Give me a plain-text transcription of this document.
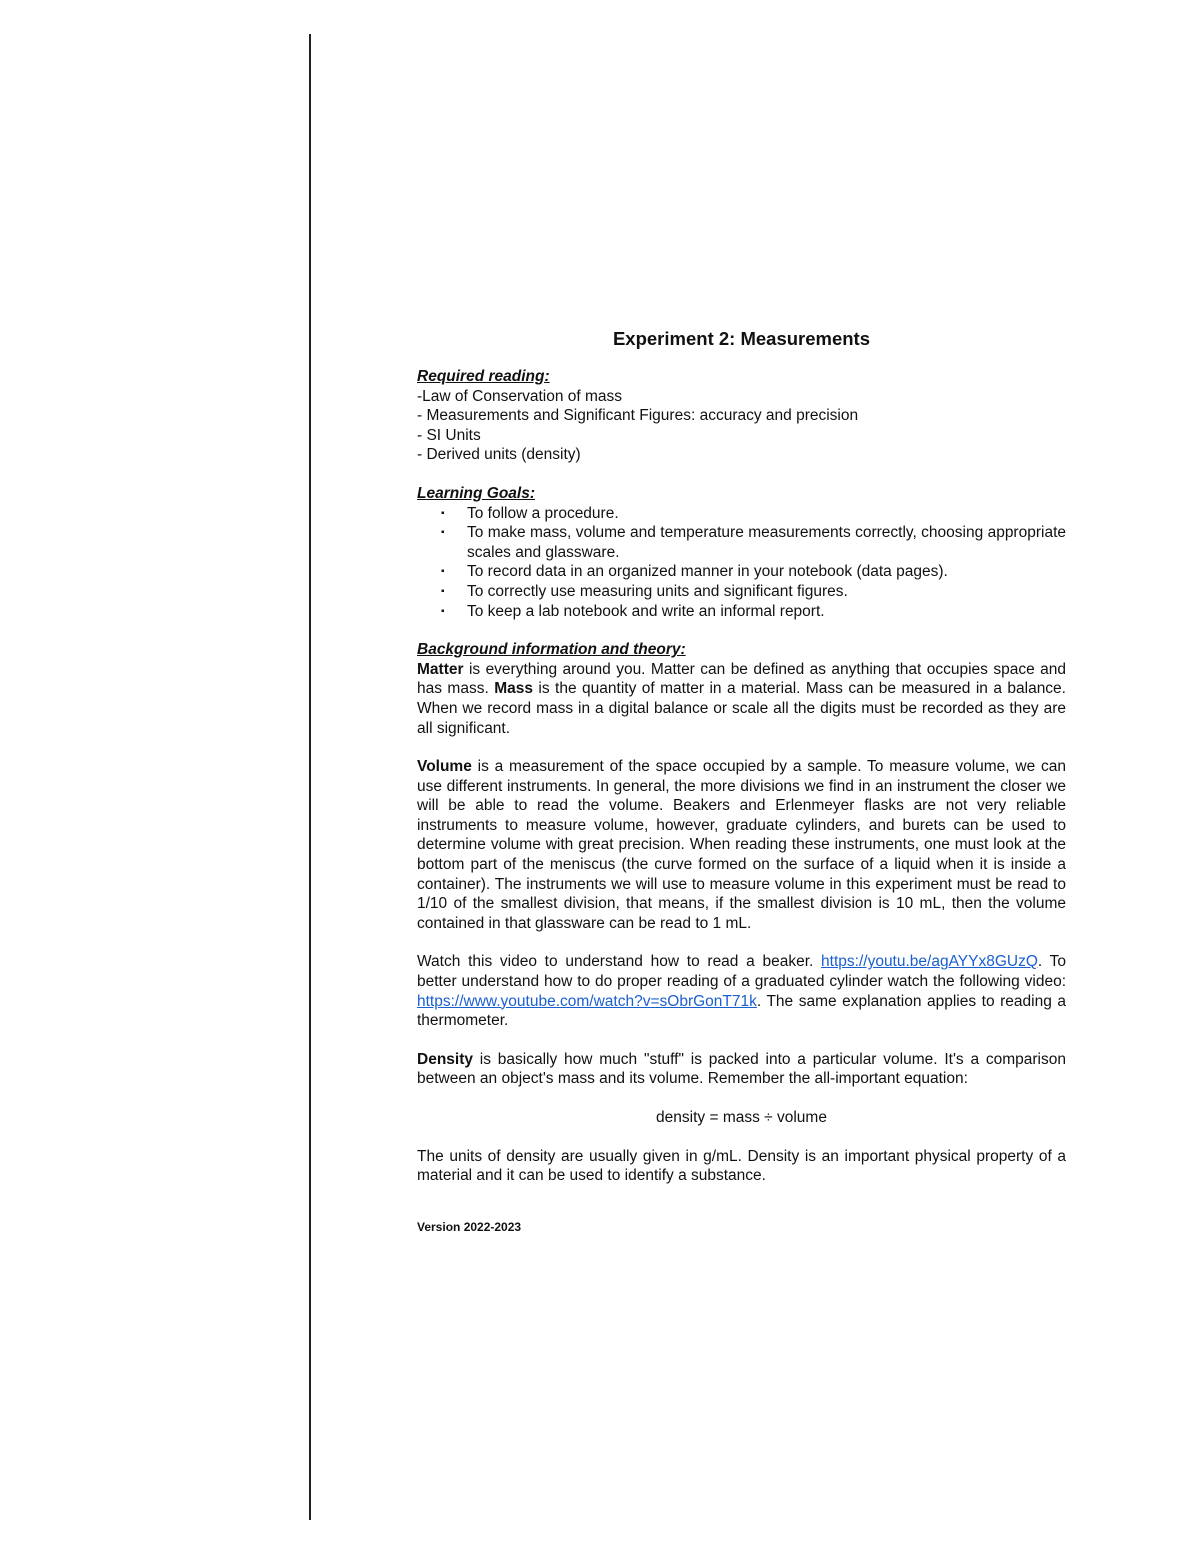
Experiment 2: Measurements

Required reading:

-Law of Conservation of mass

- Measurements and Significant Figures: accuracy and precision

- SI Units

- Derived units (density)

Learning Goals:

▪ To follow a procedure.
▪ To make mass, volume and temperature measurements correctly, choosing appropriate scales and glassware.
▪ To record data in an organized manner in your notebook (data pages).
▪ To correctly use measuring units and significant figures.
▪ To keep a lab notebook and write an informal report.

Background information and theory:

Matter is everything around you. Matter can be defined as anything that occupies space and has mass. Mass is the quantity of matter in a material. Mass can be measured in a balance. When we record mass in a digital balance or scale all the digits must be recorded as they are all significant.

Volume is a measurement of the space occupied by a sample. To measure volume, we can use different instruments. In general, the more divisions we find in an instrument the closer we will be able to read the volume. Beakers and Erlenmeyer flasks are not very reliable instruments to measure volume, however, graduate cylinders, and burets can be used to determine volume with great precision. When reading these instruments, one must look at the bottom part of the meniscus (the curve formed on the surface of a liquid when it is inside a container). The instruments we will use to measure volume in this experiment must be read to 1/10 of the smallest division, that means, if the smallest division is 10 mL, then the volume contained in that glassware can be read to 1 mL.

Watch this video to understand how to read a beaker. https://youtu.be/agAYYx8GUzQ. To better understand how to do proper reading of a graduated cylinder watch the following video: https://www.youtube.com/watch?v=sObrGonT71k. The same explanation applies to reading a thermometer.

Density is basically how much "stuff" is packed into a particular volume. It's a comparison between an object's mass and its volume. Remember the all-important equation:

density = mass ÷ volume

The units of density are usually given in g/mL. Density is an important physical property of a material and it can be used to identify a substance.

Version 2022-2023
